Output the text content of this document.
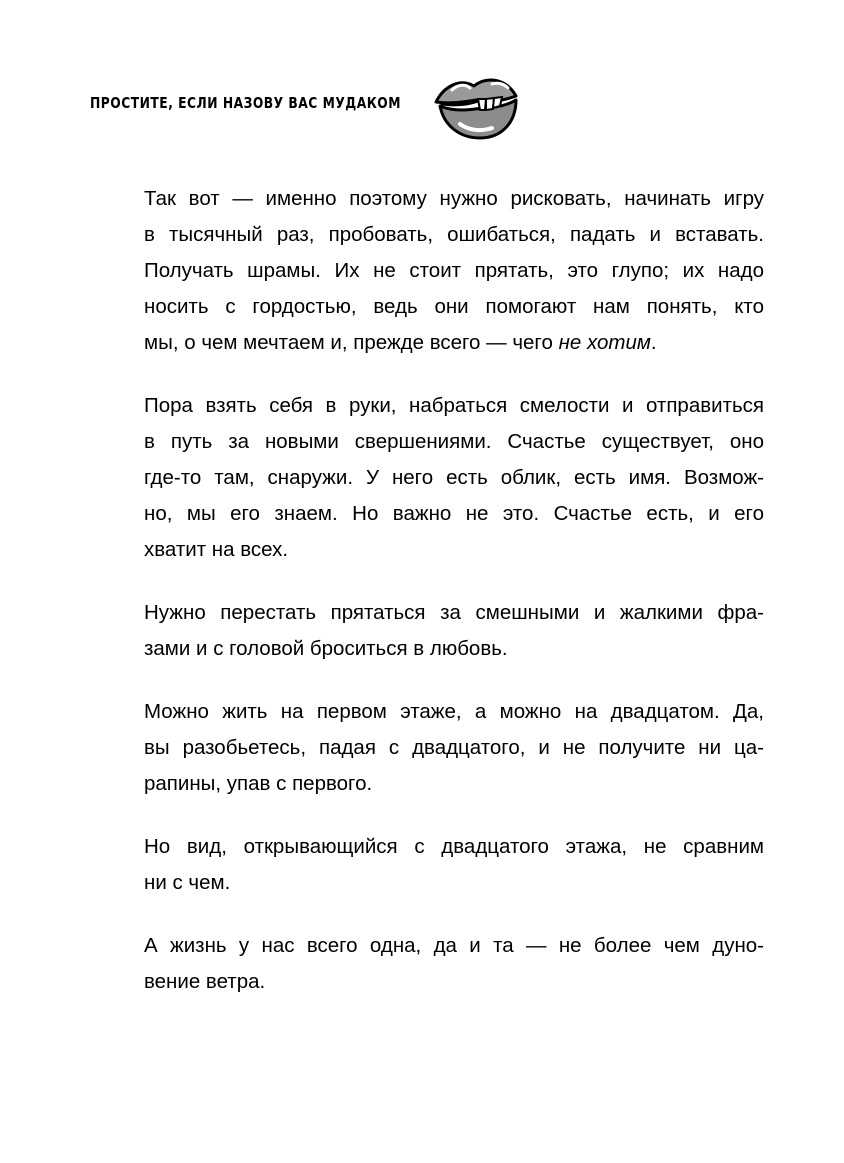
ПРОСТИТЕ, ЕСЛИ НАЗОВУ ВАС МУДАКОМ

Так вот — именно поэтому нужно рисковать, начинать игру
в тысячный раз, пробовать, ошибаться, падать и вставать.
Получать шрамы. Их не стоит прятать, это глупо; их надо
носить с гордостью, ведь они помогают нам понять, кто
мы, о чем мечтаем и, прежде всего — чего не хотим.

Пора взять себя в руки, набраться смелости и отправиться
в путь за новыми свершениями. Счастье существует, оно
где-то там, снаружи. У него есть облик, есть имя. Возмож-
но, мы его знаем. Но важно не это. Счастье есть, и его
хватит на всех.

Нужно перестать прятаться за смешными и жалкими фра-
зами и с головой броситься в любовь.

Можно жить на первом этаже, а можно на двадцатом. Да,
вы разобьетесь, падая с двадцатого, и не получите ни ца-
рапины, упав с первого.

Но вид, открывающийся с двадцатого этажа, не сравним
ни с чем.

А жизнь у нас всего одна, да и та — не более чем дуно-
вение ветра.
